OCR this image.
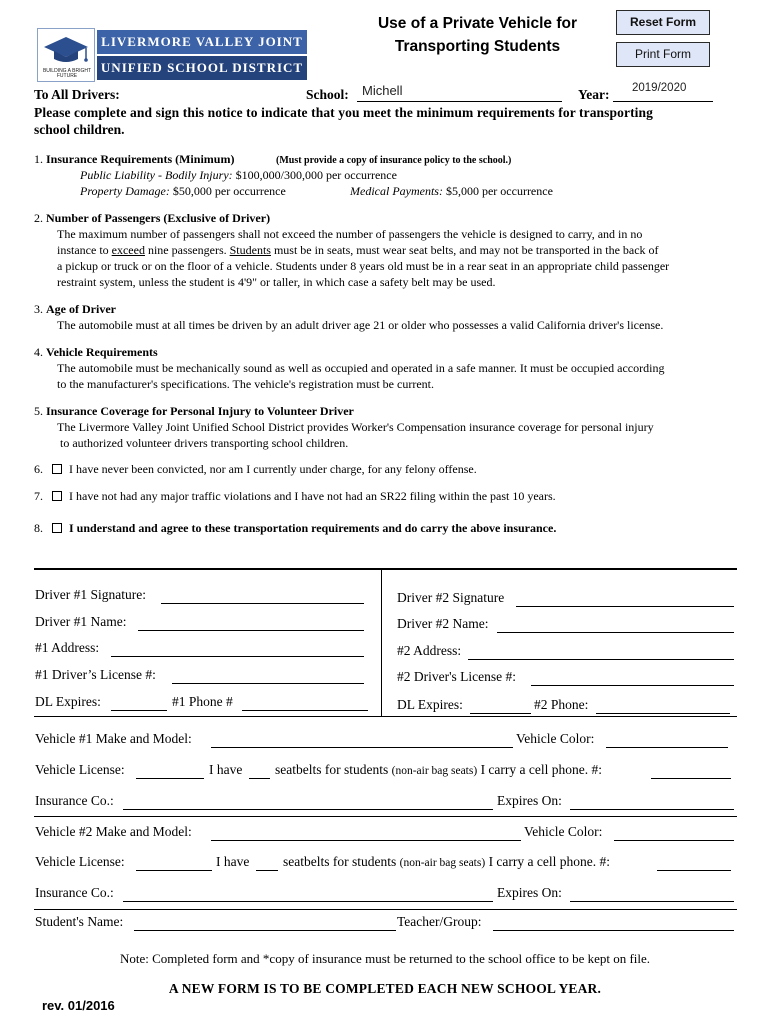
BUILDING A BRIGHT FUTURE
LIVERMORE VALLEY JOINT
UNIFIED SCHOOL DISTRICT
Use of a Private Vehicle for
Transporting Students
Reset Form
Print Form
To All Drivers:	School: Michell	Year: 2019/2020
Please complete and sign this notice to indicate that you meet the minimum requirements for transporting
school children.
1. Insurance Requirements (Minimum)	(Must provide a copy of insurance policy to the school.)
Public Liability - Bodily Injury: $100,000/300,000 per occurrence
Property Damage: $50,000 per occurrence	Medical Payments: $5,000 per occurrence
2. Number of Passengers (Exclusive of Driver)
The maximum number of passengers shall not exceed the number of passengers the vehicle is designed to carry, and in no
instance to exceed nine passengers. Students must be in seats, must wear seat belts, and may not be transported in the back of
a pickup or truck or on the floor of a vehicle. Students under 8 years old must be in a rear seat in an appropriate child passenger
restraint system, unless the student is 4'9" or taller, in which case a safety belt may be used.
3. Age of Driver
The automobile must at all times be driven by an adult driver age 21 or older who possesses a valid California driver's license.
4. Vehicle Requirements
The automobile must be mechanically sound as well as occupied and operated in a safe manner. It must be occupied according
to the manufacturer's specifications. The vehicle's registration must be current.
5. Insurance Coverage for Personal Injury to Volunteer Driver
The Livermore Valley Joint Unified School District provides Worker's Compensation insurance coverage for personal injury
to authorized volunteer drivers transporting school children.
6. I have never been convicted, nor am I currently under charge, for any felony offense.
7. I have not had any major traffic violations and I have not had an SR22 filing within the past 10 years.
8. I understand and agree to these transportation requirements and do carry the above insurance.
Driver #1 Signature:
Driver #1 Name:
#1 Address:
#1 Driver’s License #:
DL Expires:	#1 Phone #
Driver #2 Signature
Driver #2 Name:
#2 Address:
#2 Driver's License #:
DL Expires:	#2 Phone:
Vehicle #1 Make and Model:	Vehicle Color:
Vehicle License:	I have seatbelts for students (non-air bag seats) I carry a cell phone. #:
Insurance Co.:	Expires On:
Vehicle #2 Make and Model:	Vehicle Color:
Vehicle License:	I have seatbelts for students (non-air bag seats) I carry a cell phone. #:
Insurance Co.:	Expires On:
Student's Name:	Teacher/Group:
Note: Completed form and *copy of insurance must be returned to the school office to be kept on file.
A NEW FORM IS TO BE COMPLETED EACH NEW SCHOOL YEAR.
rev. 01/2016
